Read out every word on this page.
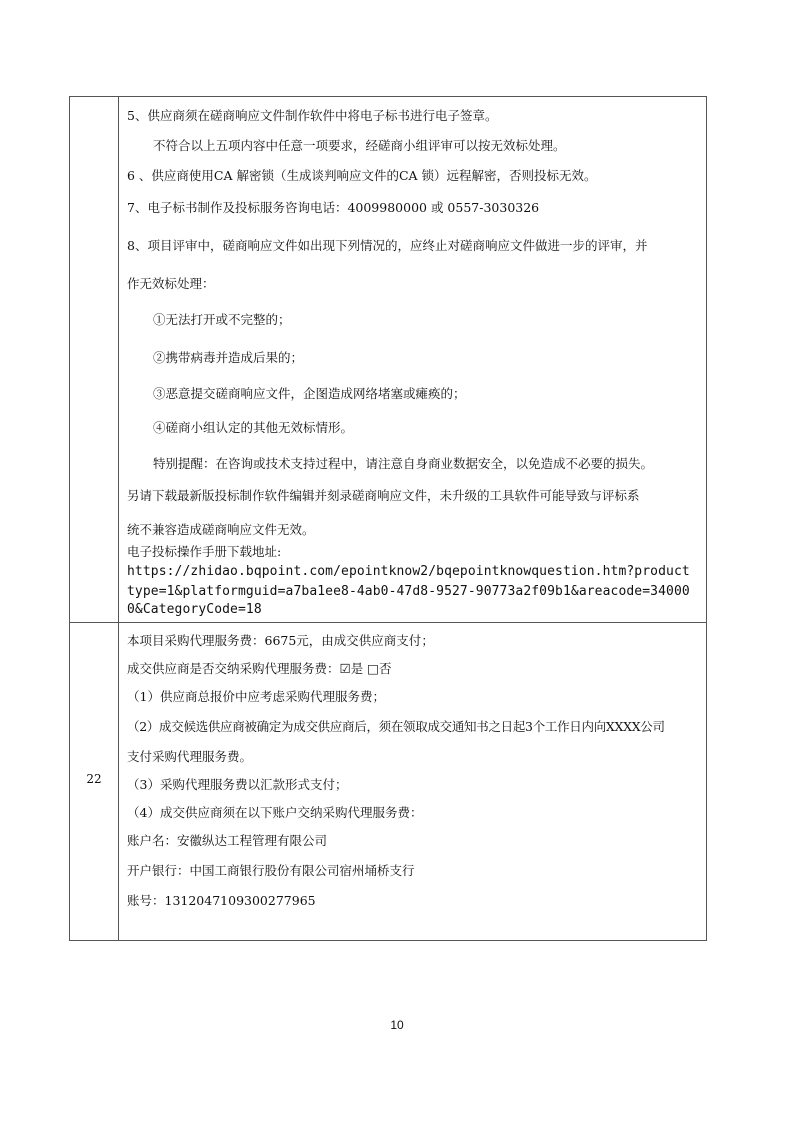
5、供应商须在磋商响应文件制作软件中将电子标书进行电子签章。
不符合以上五项内容中任意一项要求，经磋商小组评审可以按无效标处理。
6 、供应商使用CA 解密锁（生成谈判响应文件的CA 锁）远程解密，否则投标无效。
7、电子标书制作及投标服务咨询电话：4009980000 或 0557-3030326
8、项目评审中，磋商响应文件如出现下列情况的，应终止对磋商响应文件做进一步的评审，并
作无效标处理：
①无法打开或不完整的；
②携带病毒并造成后果的；
③恶意提交磋商响应文件，企图造成网络堵塞或瘫痪的；
④磋商小组认定的其他无效标情形。
特别提醒：在咨询或技术支持过程中，请注意自身商业数据安全，以免造成不必要的损失。
另请下载最新版投标制作软件编辑并刻录磋商响应文件，未升级的工具软件可能导致与评标系
统不兼容造成磋商响应文件无效。
电子投标操作手册下载地址:
https://zhidao.bqpoint.com/epointknow2/bqepointknowquestion.htm?product
type=1&platformguid=a7ba1ee8-4ab0-47d8-9527-90773a2f09b1&areacode=34000
0&CategoryCode=18
22
本项目采购代理服务费：6675元，由成交供应商支付；
成交供应商是否交纳采购代理服务费：☑是 □否
（1）供应商总报价中应考虑采购代理服务费；
（2）成交候选供应商被确定为成交供应商后，须在领取成交通知书之日起3个工作日内向XXXX公司
支付采购代理服务费。
（3）采购代理服务费以汇款形式支付；
（4）成交供应商须在以下账户交纳采购代理服务费：
账户名：安徽纵达工程管理有限公司
开户银行：中国工商银行股份有限公司宿州埇桥支行
账号：1312047109300277965
10
